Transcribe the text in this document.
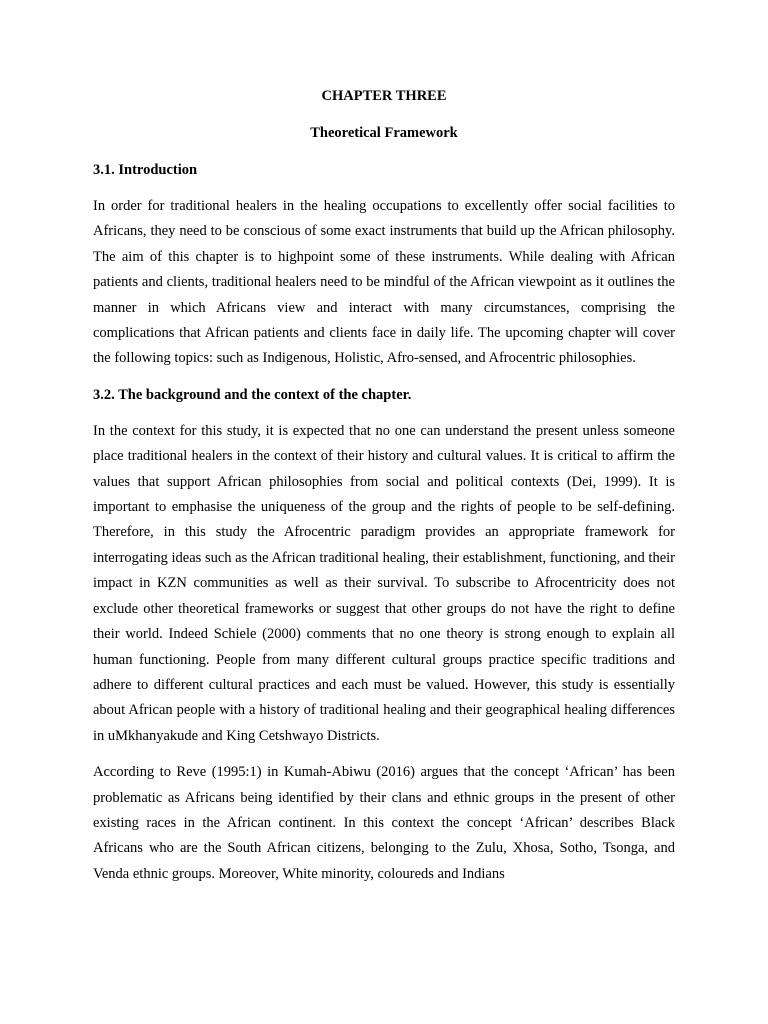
CHAPTER THREE
Theoretical Framework
3.1. Introduction

In order for traditional healers in the healing occupations to excellently offer social facilities to Africans, they need to be conscious of some exact instruments that build up the African philosophy. The aim of this chapter is to highpoint some of these instruments. While dealing with African patients and clients, traditional healers need to be mindful of the African viewpoint as it outlines the manner in which Africans view and interact with many circumstances, comprising the complications that African patients and clients face in daily life. The upcoming chapter will cover the following topics: such as Indigenous, Holistic, Afro-sensed, and Afrocentric philosophies.

3.2. The background and the context of the chapter.

In the context for this study, it is expected that no one can understand the present unless someone place traditional healers in the context of their history and cultural values. It is critical to affirm the values that support African philosophies from social and political contexts (Dei, 1999). It is important to emphasise the uniqueness of the group and the rights of people to be self-defining. Therefore, in this study the Afrocentric paradigm provides an appropriate framework for interrogating ideas such as the African traditional healing, their establishment, functioning, and their impact in KZN communities as well as their survival. To subscribe to Afrocentricity does not exclude other theoretical frameworks or suggest that other groups do not have the right to define their world. Indeed Schiele (2000) comments that no one theory is strong enough to explain all human functioning. People from many different cultural groups practice specific traditions and adhere to different cultural practices and each must be valued. However, this study is essentially about African people with a history of traditional healing and their geographical healing differences in uMkhanyakude and King Cetshwayo Districts.

According to Reve (1995:1) in Kumah-Abiwu (2016) argues that the concept ‘African’ has been problematic as Africans being identified by their clans and ethnic groups in the present of other existing races in the African continent. In this context the concept ‘African’ describes Black Africans who are the South African citizens, belonging to the Zulu, Xhosa, Sotho, Tsonga, and Venda ethnic groups. Moreover, White minority, coloureds and Indians
